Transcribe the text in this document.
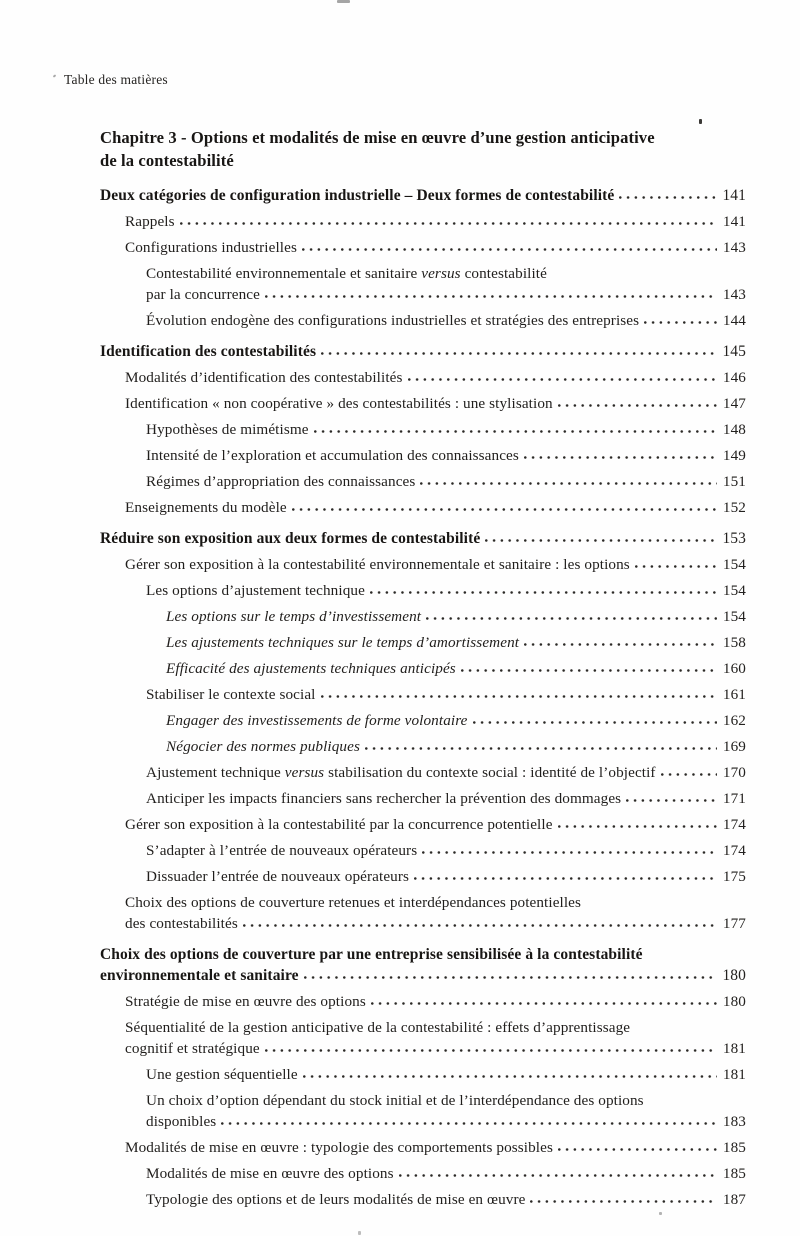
Table des matières
Chapitre 3 - Options et modalités de mise en œuvre d’une gestion anticipative
de la contestabilité
Deux catégories de configuration industrielle – Deux formes de contestabilité	141
Rappels	141
Configurations industrielles	143
Contestabilité environnementale et sanitaire versus contestabilité
par la concurrence	143
Évolution endogène des configurations industrielles et stratégies des entreprises	144
Identification des contestabilités	145
Modalités d’identification des contestabilités	146
Identification « non coopérative » des contestabilités : une stylisation	147
Hypothèses de mimétisme	148
Intensité de l’exploration et accumulation des connaissances	149
Régimes d’appropriation des connaissances	151
Enseignements du modèle	152
Réduire son exposition aux deux formes de contestabilité	153
Gérer son exposition à la contestabilité environnementale et sanitaire : les options	154
Les options d’ajustement technique	154
Les options sur le temps d’investissement	154
Les ajustements techniques sur le temps d’amortissement	158
Efficacité des ajustements techniques anticipés	160
Stabiliser le contexte social	161
Engager des investissements de forme volontaire	162
Négocier des normes publiques	169
Ajustement technique versus stabilisation du contexte social : identité de l’objectif	170
Anticiper les impacts financiers sans rechercher la prévention des dommages	171
Gérer son exposition à la contestabilité par la concurrence potentielle	174
S’adapter à l’entrée de nouveaux opérateurs	174
Dissuader l’entrée de nouveaux opérateurs	175
Choix des options de couverture retenues et interdépendances potentielles
des contestabilités	177
Choix des options de couverture par une entreprise sensibilisée à la contestabilité
environnementale et sanitaire	180
Stratégie de mise en œuvre des options	180
Séquentialité de la gestion anticipative de la contestabilité : effets d’apprentissage
cognitif et stratégique	181
Une gestion séquentielle	181
Un choix d’option dépendant du stock initial et de l’interdépendance des options
disponibles	183
Modalités de mise en œuvre : typologie des comportements possibles	185
Modalités de mise en œuvre des options	185
Typologie des options et de leurs modalités de mise en œuvre	187
